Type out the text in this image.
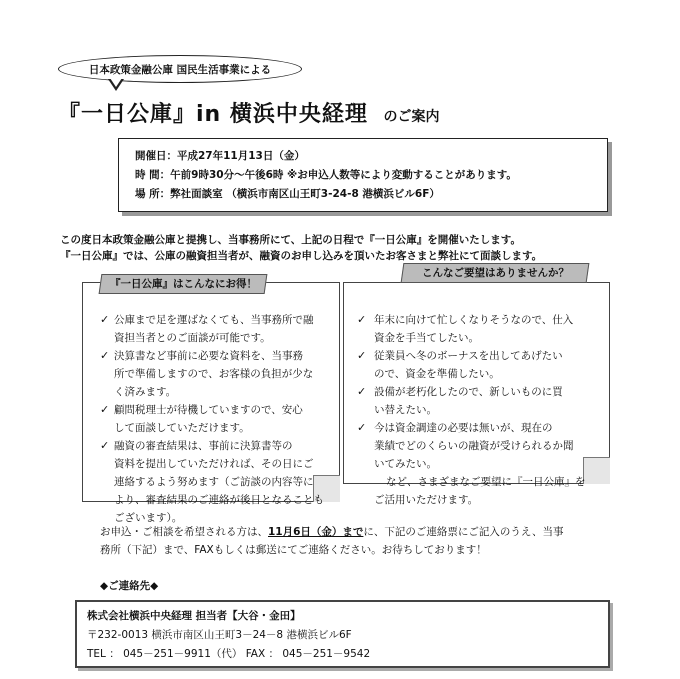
日本政策金融公庫 国民生活事業による
『一日公庫』in 横浜中央経理 のご案内
開催日：平成27年11月13日（金）
時 間：午前9時30分～午後6時 ※お申込人数等により変動することがあります。
場 所：弊社面談室 （横浜市南区山王町3-24-8 港横浜ビル6F）
この度日本政策金融公庫と提携し、当事務所にて、上記の日程で『一日公庫』を開催いたします。
『一日公庫』では、公庫の融資担当者が、融資のお申し込みを頂いたお客さまと弊社にて面談します。
『一日公庫』はこんなにお得！
✓ 公庫まで足を運ばなくても、当事務所で融
資担当者とのご面談が可能です。
✓ 決算書など事前に必要な資料を、当事務
所で準備しますので、お客様の負担が少な
く済みます。
✓ 顧問税理士が待機していますので、安心
して面談していただけます。
✓ 融資の審査結果は、事前に決算書等の
資料を提出していただければ、その日にご
連絡するよう努めます（ご訪談の内容等に
より、審査結果のご連絡が後日となることも
ございます）。
こんなご要望はありませんか？
✓ 年末に向けて忙しくなりそうなので、仕入
資金を手当てしたい。
✓ 従業員へ冬のボーナスを出してあげたい
ので、資金を準備したい。
✓ 設備が老朽化したので、新しいものに買
い替えたい。
✓ 今は資金調達の必要は無いが、現在の
業績でどのくらいの融資が受けられるか聞
いてみたい。
など、さまざまなご要望に『一日公庫』を
ご活用いただけます。
お申込・ご相談を希望される方は、11月6日（金）までに、下記のご連絡票にご記入のうえ、当事
務所（下記）まで、FAXもしくは郵送にてご連絡ください。お待ちしております！
◆ご連絡先◆
株式会社横浜中央経理 担当者【大谷・金田】
〒232-0013 横浜市南区山王町3－24－8 港横浜ビル6F
TEL ： 045－251－9911（代） FAX ： 045－251－9542
